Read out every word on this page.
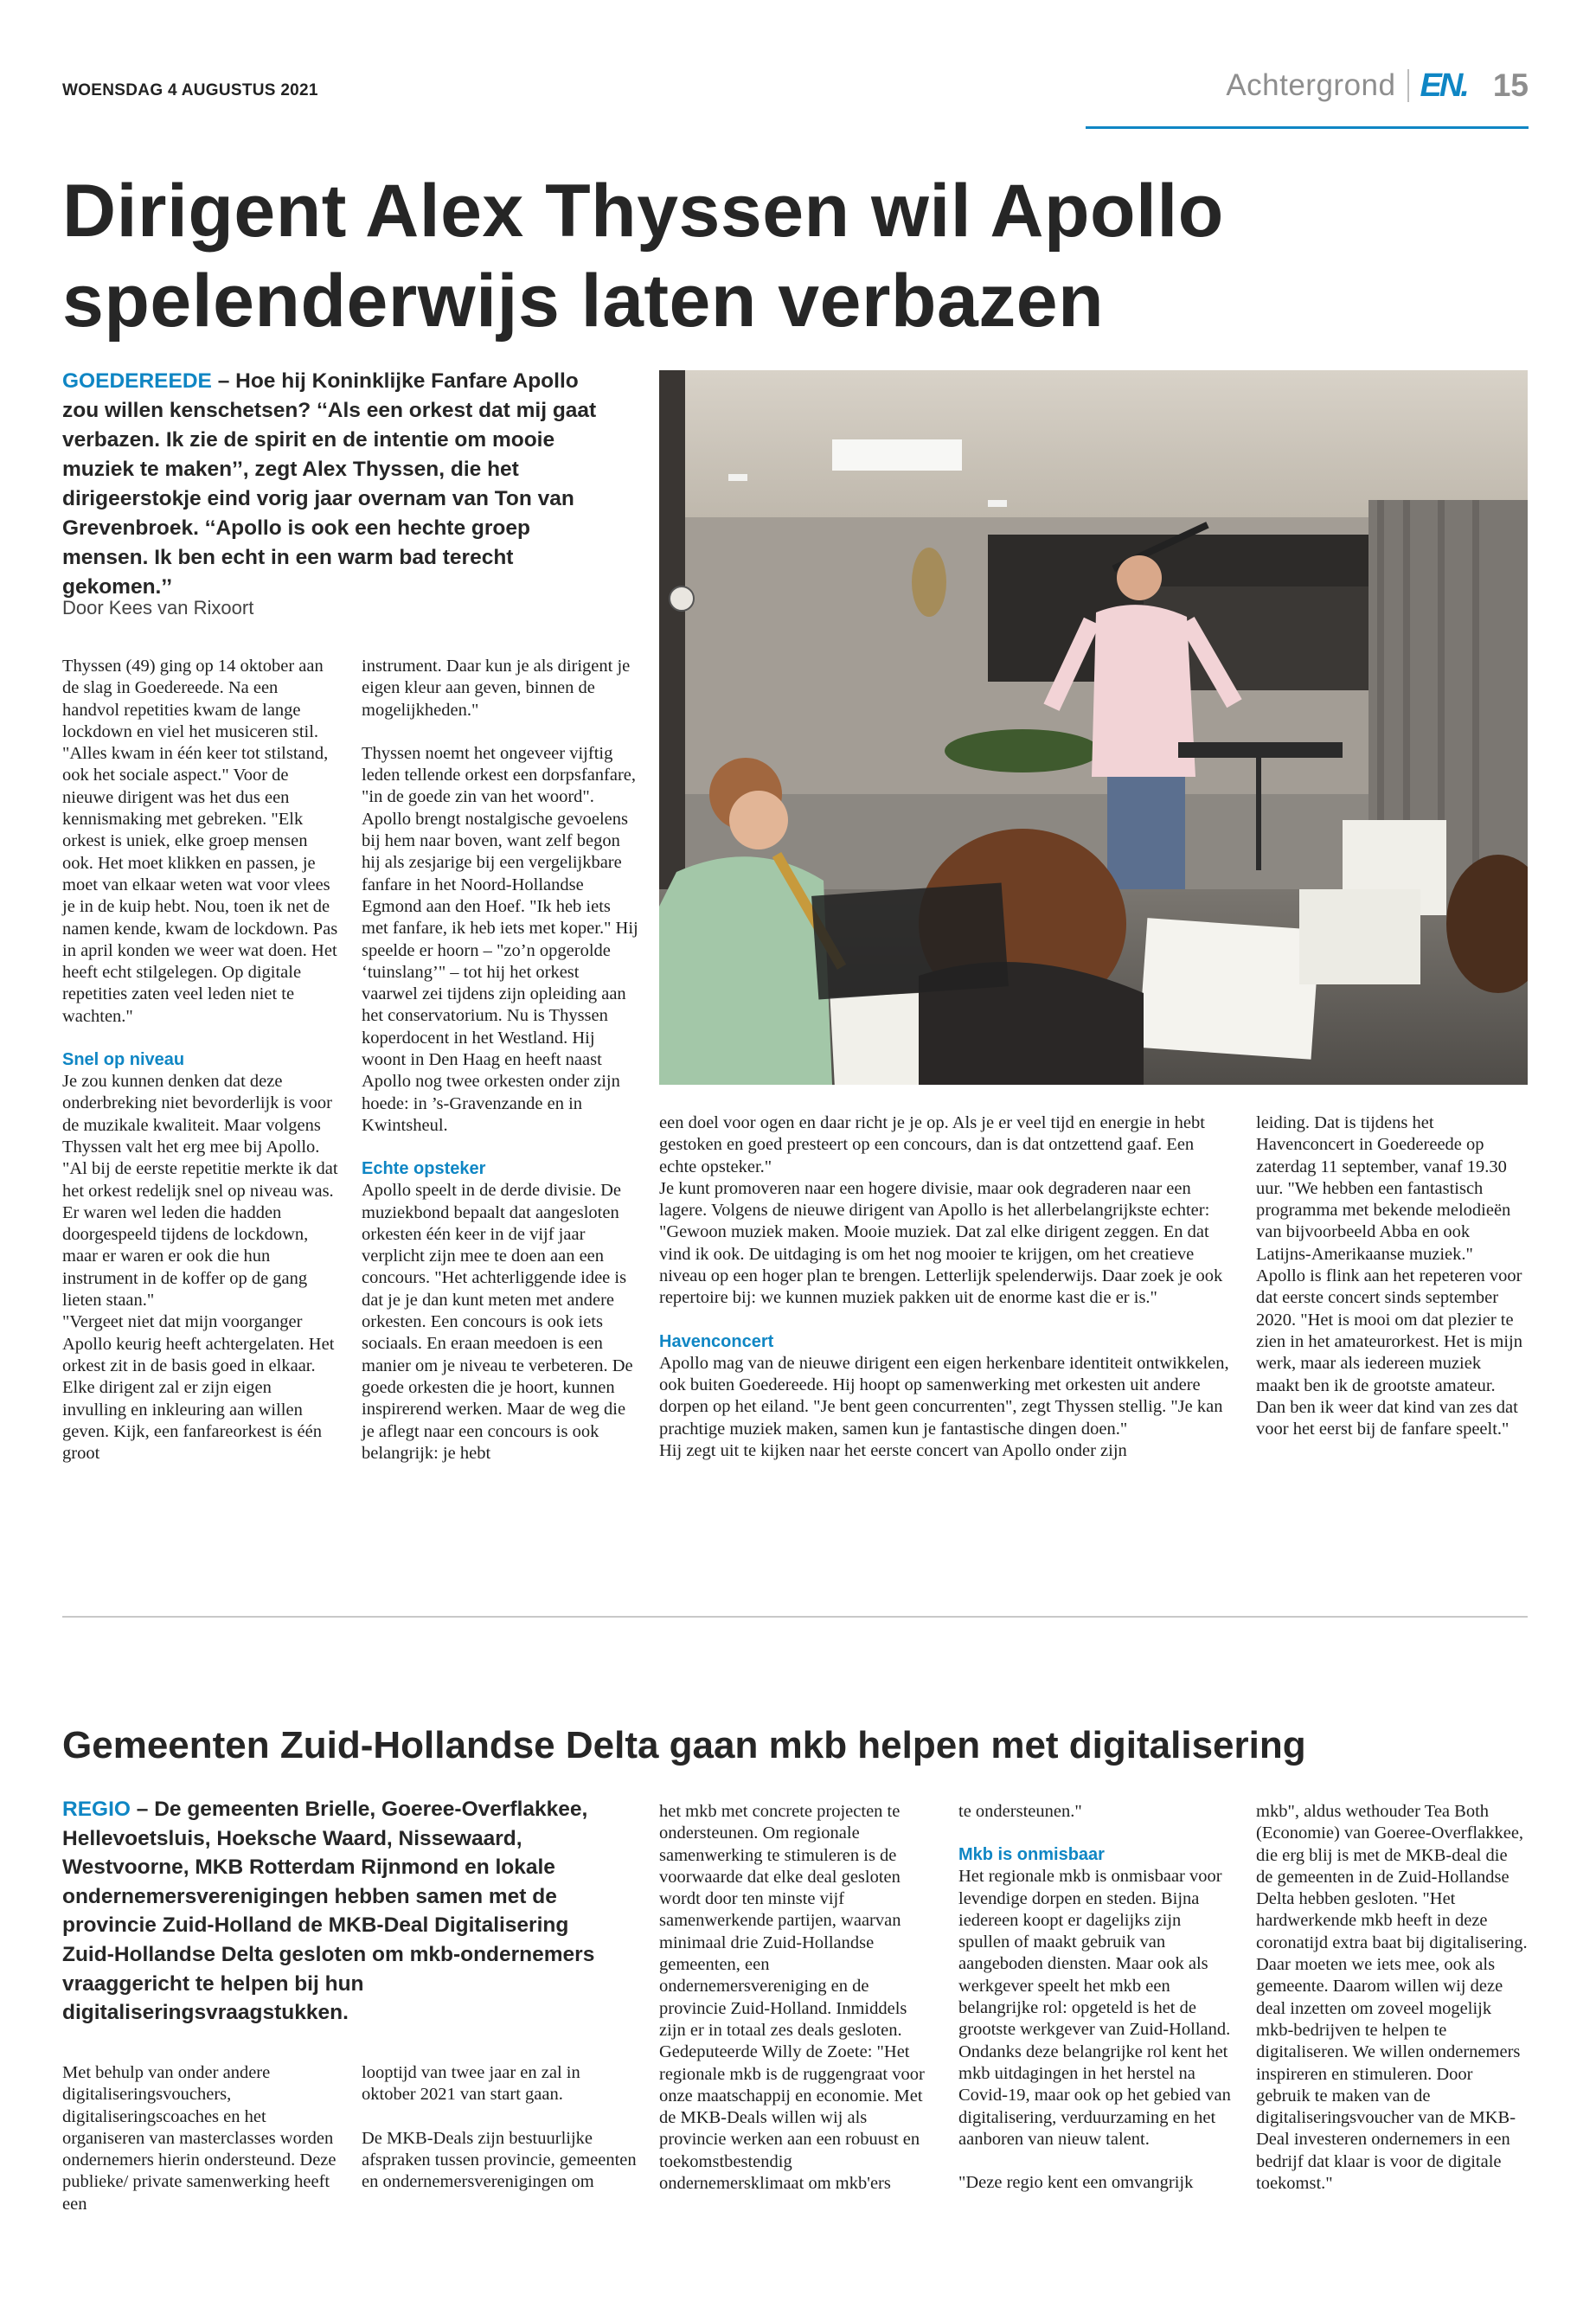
WOENSDAG 4 AUGUSTUS 2021	Achtergrond EN. 15
Dirigent Alex Thyssen wil Apollo
spelenderwijs laten verbazen
GOEDEREEDE – Hoe hij Koninklijke Fanfare Apollo zou willen kenschetsen? ‘‘Als een orkest dat mij gaat verbazen. Ik zie de spirit en de intentie om mooie muziek te maken’’, zegt Alex Thyssen, die het dirigeerstokje eind vorig jaar overnam van Ton van Grevenbroek. ‘‘Apollo is ook een hechte groep mensen. Ik ben echt in een warm bad terecht gekomen.’’
Door Kees van Rixoort

Thyssen (49) ging op 14 oktober aan de slag in Goedereede. Na een handvol repetities kwam de lange lockdown en viel het musiceren stil. "Alles kwam in één keer tot stilstand, ook het sociale aspect." Voor de nieuwe dirigent was het dus een kennismaking met gebreken. "Elk orkest is uniek, elke groep mensen ook. Het moet klikken en passen, je moet van elkaar weten wat voor vlees je in de kuip hebt. Nou, toen ik net de namen kende, kwam de lockdown. Pas in april konden we weer wat doen. Het heeft echt stilgelegen. Op digitale repetities zaten veel leden niet te wachten."

Snel op niveau

Je zou kunnen denken dat deze onderbreking niet bevorderlijk is voor de muzikale kwaliteit. Maar volgens Thyssen valt het erg mee bij Apollo. "Al bij de eerste repetitie merkte ik dat het orkest redelijk snel op niveau was. Er waren wel leden die hadden doorgespeeld tijdens de lockdown, maar er waren er ook die hun instrument in de koffer op de gang lieten staan."

"Vergeet niet dat mijn voorganger Apollo keurig heeft achtergelaten. Het orkest zit in de basis goed in elkaar. Elke dirigent zal er zijn eigen invulling en inkleuring aan willen geven. Kijk, een fanfareorkest is één groot

instrument. Daar kun je als dirigent je eigen kleur aan geven, binnen de mogelijkheden."

Thyssen noemt het ongeveer vijftig leden tellende orkest een dorpsfanfare, "in de goede zin van het woord". Apollo brengt nostalgische gevoelens bij hem naar boven, want zelf begon hij als zesjarige bij een vergelijkbare fanfare in het Noord-Hollandse Egmond aan den Hoef. "Ik heb iets met fanfare, ik heb iets met koper." Hij speelde er hoorn – "zo’n opgerolde ‘tuinslang’" – tot hij het orkest vaarwel zei tijdens zijn opleiding aan het conservatorium. Nu is Thyssen koperdocent in het Westland. Hij woont in Den Haag en heeft naast Apollo nog twee orkesten onder zijn hoede: in ’s-Gravenzande en in Kwintsheul.

Echte opsteker

Apollo speelt in de derde divisie. De muziekbond bepaalt dat aangesloten orkesten één keer in de vijf jaar verplicht zijn mee te doen aan een concours. "Het achterliggende idee is dat je je dan kunt meten met andere orkesten. Een concours is ook iets sociaals. En eraan meedoen is een manier om je niveau te verbeteren. De goede orkesten die je hoort, kunnen inspirerend werken. Maar de weg die je aflegt naar een concours is ook belangrijk: je hebt

een doel voor ogen en daar richt je je op. Als je er veel tijd en energie in hebt gestoken en goed presteert op een concours, dan is dat ontzettend gaaf. Een echte opsteker."

Je kunt promoveren naar een hogere divisie, maar ook degraderen naar een lagere. Volgens de nieuwe dirigent van Apollo is het allerbelangrijkste echter: "Gewoon muziek maken. Mooie muziek. Dat zal elke dirigent zeggen. En dat vind ik ook. De uitdaging is om het nog mooier te krijgen, om het creatieve niveau op een hoger plan te brengen. Letterlijk spelenderwijs. Daar zoek je ook repertoire bij: we kunnen muziek pakken uit de enorme kast die er is."

Havenconcert

Apollo mag van de nieuwe dirigent een eigen herkenbare identiteit ontwikkelen, ook buiten Goedereede. Hij hoopt op samenwerking met orkesten uit andere dorpen op het eiland. "Je bent geen concurrenten", zegt Thyssen stellig. "Je kan prachtige muziek maken, samen kun je fantastische dingen doen."

Hij zegt uit te kijken naar het eerste concert van Apollo onder zijn

leiding. Dat is tijdens het Havenconcert in Goedereede op zaterdag 11 september, vanaf 19.30 uur. "We hebben een fantastisch programma met bekende melodieën van bijvoorbeeld Abba en ook Latijns-Amerikaanse muziek."

Apollo is flink aan het repeteren voor dat eerste concert sinds september 2020. "Het is mooi om dat plezier te zien in het amateurorkest. Het is mijn werk, maar als iedereen muziek maakt ben ik de grootste amateur. Dan ben ik weer dat kind van zes dat voor het eerst bij de fanfare speelt."

Gemeenten Zuid-Hollandse Delta gaan mkb helpen met digitalisering
REGIO – De gemeenten Brielle, Goeree-Overflakkee, Hellevoetsluis, Hoeksche Waard, Nissewaard, Westvoorne, MKB Rotterdam Rijnmond en lokale ondernemersverenigingen hebben samen met de provincie Zuid-Holland de MKB-Deal Digitalisering Zuid-Hollandse Delta gesloten om mkb-ondernemers vraaggericht te helpen bij hun digitaliseringsvraagstukken.

Met behulp van onder andere digitaliseringsvouchers, digitaliseringscoaches en het organiseren van masterclasses worden ondernemers hierin ondersteund. Deze publieke/ private samenwerking heeft een

looptijd van twee jaar en zal in oktober 2021 van start gaan.

De MKB-Deals zijn bestuurlijke afspraken tussen provincie, gemeenten en ondernemersverenigingen om

het mkb met concrete projecten te ondersteunen. Om regionale samenwerking te stimuleren is de voorwaarde dat elke deal gesloten wordt door ten minste vijf samenwerkende partijen, waarvan minimaal drie Zuid-Hollandse gemeenten, een ondernemersvereniging en de provincie Zuid-Holland. Inmiddels zijn er in totaal zes deals gesloten. Gedeputeerde Willy de Zoete: "Het regionale mkb is de ruggengraat voor onze maatschappij en economie. Met de MKB-Deals willen wij als provincie werken aan een robuust en toekomstbestendig ondernemersklimaat om mkb'ers

te ondersteunen."

Mkb is onmisbaar

Het regionale mkb is onmisbaar voor levendige dorpen en steden. Bijna iedereen koopt er dagelijks zijn spullen of maakt gebruik van aangeboden diensten. Maar ook als werkgever speelt het mkb een belangrijke rol: opgeteld is het de grootste werkgever van Zuid-Holland. Ondanks deze belangrijke rol kent het mkb uitdagingen in het herstel na Covid-19, maar ook op het gebied van digitalisering, verduurzaming en het aanboren van nieuw talent.

"Deze regio kent een omvangrijk

mkb", aldus wethouder Tea Both (Economie) van Goeree-Overflakkee, die erg blij is met de MKB-deal die de gemeenten in de Zuid-Hollandse Delta hebben gesloten. "Het hardwerkende mkb heeft in deze coronatijd extra baat bij digitalisering. Daar moeten we iets mee, ook als gemeente. Daarom willen wij deze deal inzetten om zoveel mogelijk mkb-bedrijven te helpen te digitaliseren. We willen ondernemers inspireren en stimuleren. Door gebruik te maken van de digitaliseringsvoucher van de MKB-Deal investeren ondernemers in een bedrijf dat klaar is voor de digitale toekomst."
